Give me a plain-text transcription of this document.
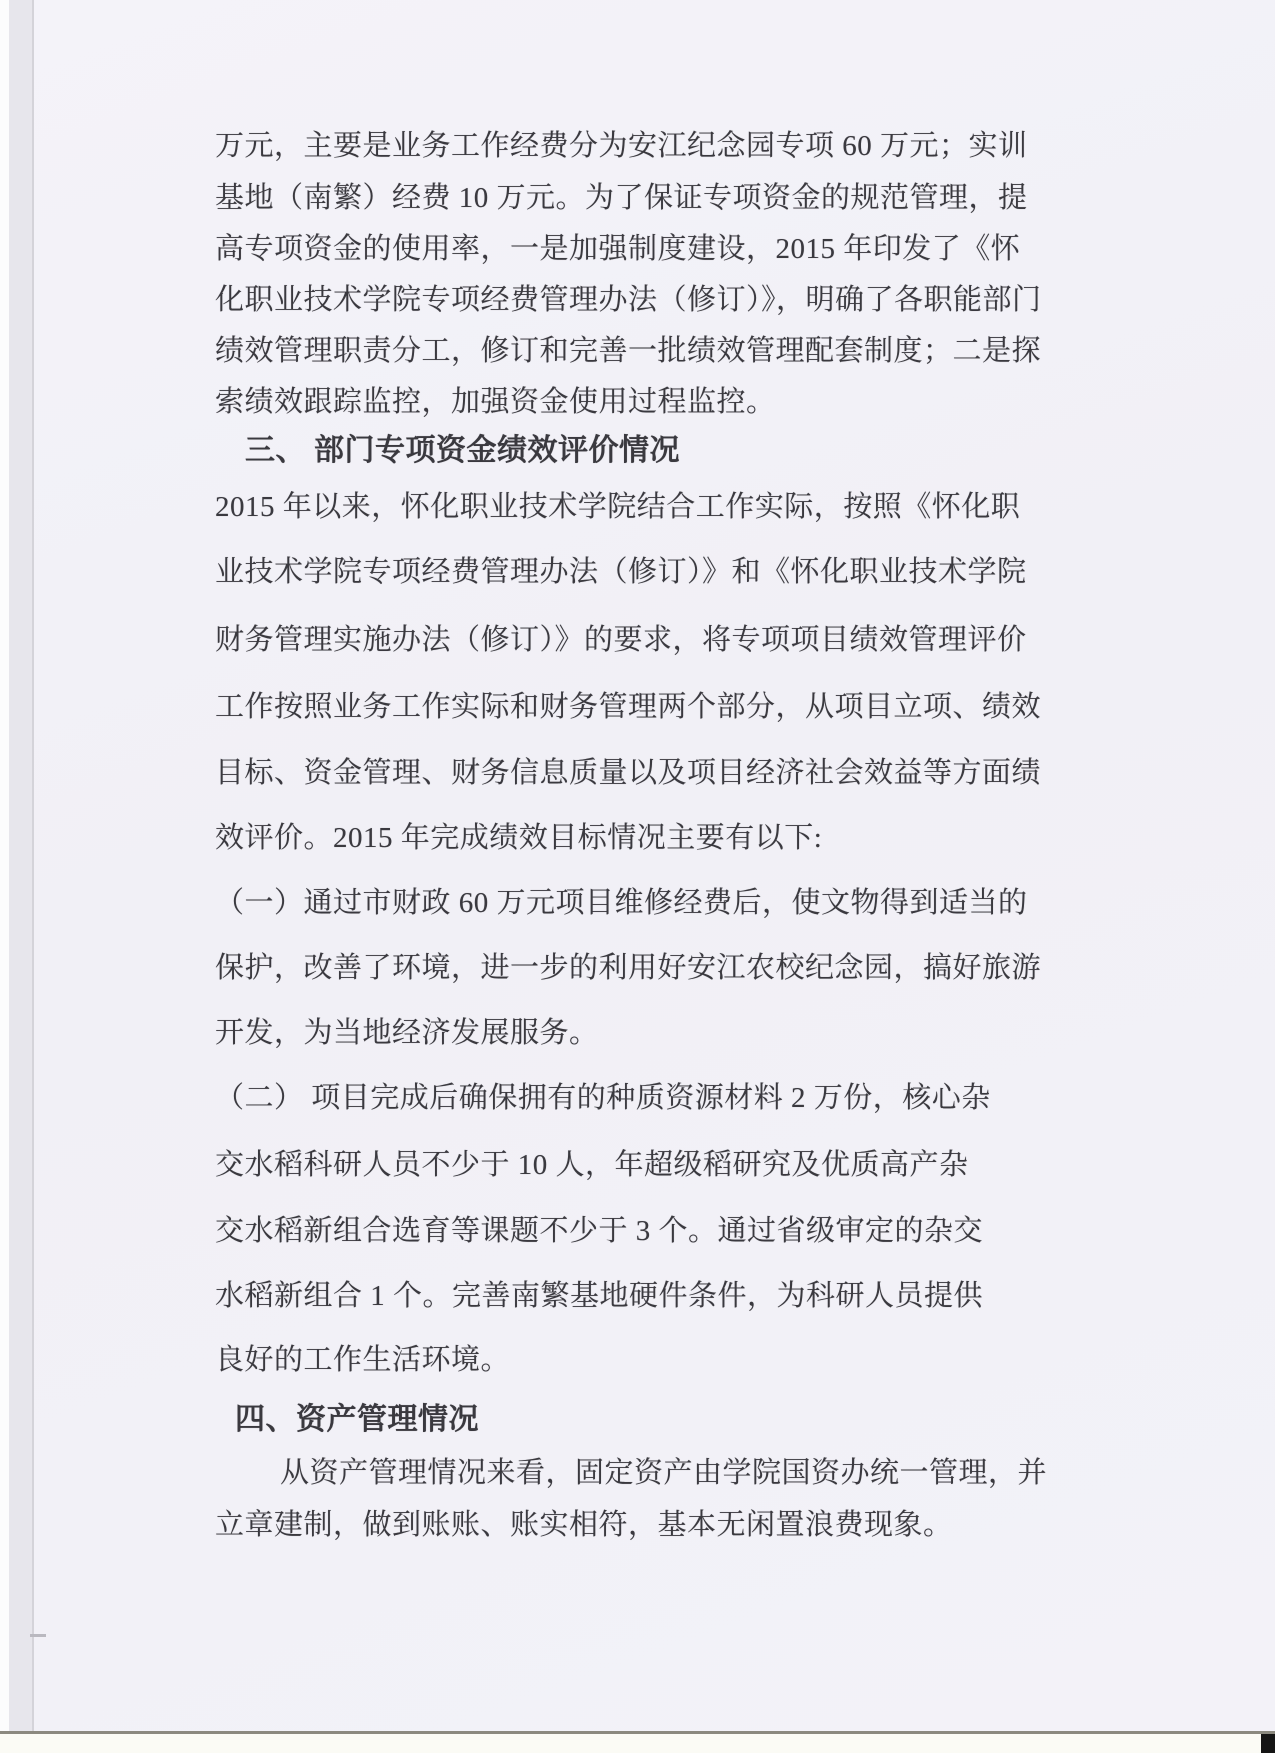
万元，主要是业务工作经费分为安江纪念园专项 60 万元；实训
基地（南繁）经费 10 万元。为了保证专项资金的规范管理，提
高专项资金的使用率，一是加强制度建设，2015 年印发了《怀
化职业技术学院专项经费管理办法（修订）》，明确了各职能部门
绩效管理职责分工，修订和完善一批绩效管理配套制度；二是探
索绩效跟踪监控，加强资金使用过程监控。
三、 部门专项资金绩效评价情况
2015 年以来，怀化职业技术学院结合工作实际，按照《怀化职
业技术学院专项经费管理办法（修订）》和《怀化职业技术学院
财务管理实施办法（修订）》的要求，将专项项目绩效管理评价
工作按照业务工作实际和财务管理两个部分，从项目立项、绩效
目标、资金管理、财务信息质量以及项目经济社会效益等方面绩
效评价。2015 年完成绩效目标情况主要有以下:
（一）通过市财政 60 万元项目维修经费后，使文物得到适当的
保护，改善了环境，进一步的利用好安江农校纪念园，搞好旅游
开发，为当地经济发展服务。
（二） 项目完成后确保拥有的种质资源材料 2 万份，核心杂
交水稻科研人员不少于 10 人，年超级稻研究及优质高产杂
交水稻新组合选育等课题不少于 3 个。通过省级审定的杂交
水稻新组合 1 个。完善南繁基地硬件条件，为科研人员提供
良好的工作生活环境。
四、资产管理情况
从资产管理情况来看，固定资产由学院国资办统一管理，并
立章建制，做到账账、账实相符，基本无闲置浪费现象。
